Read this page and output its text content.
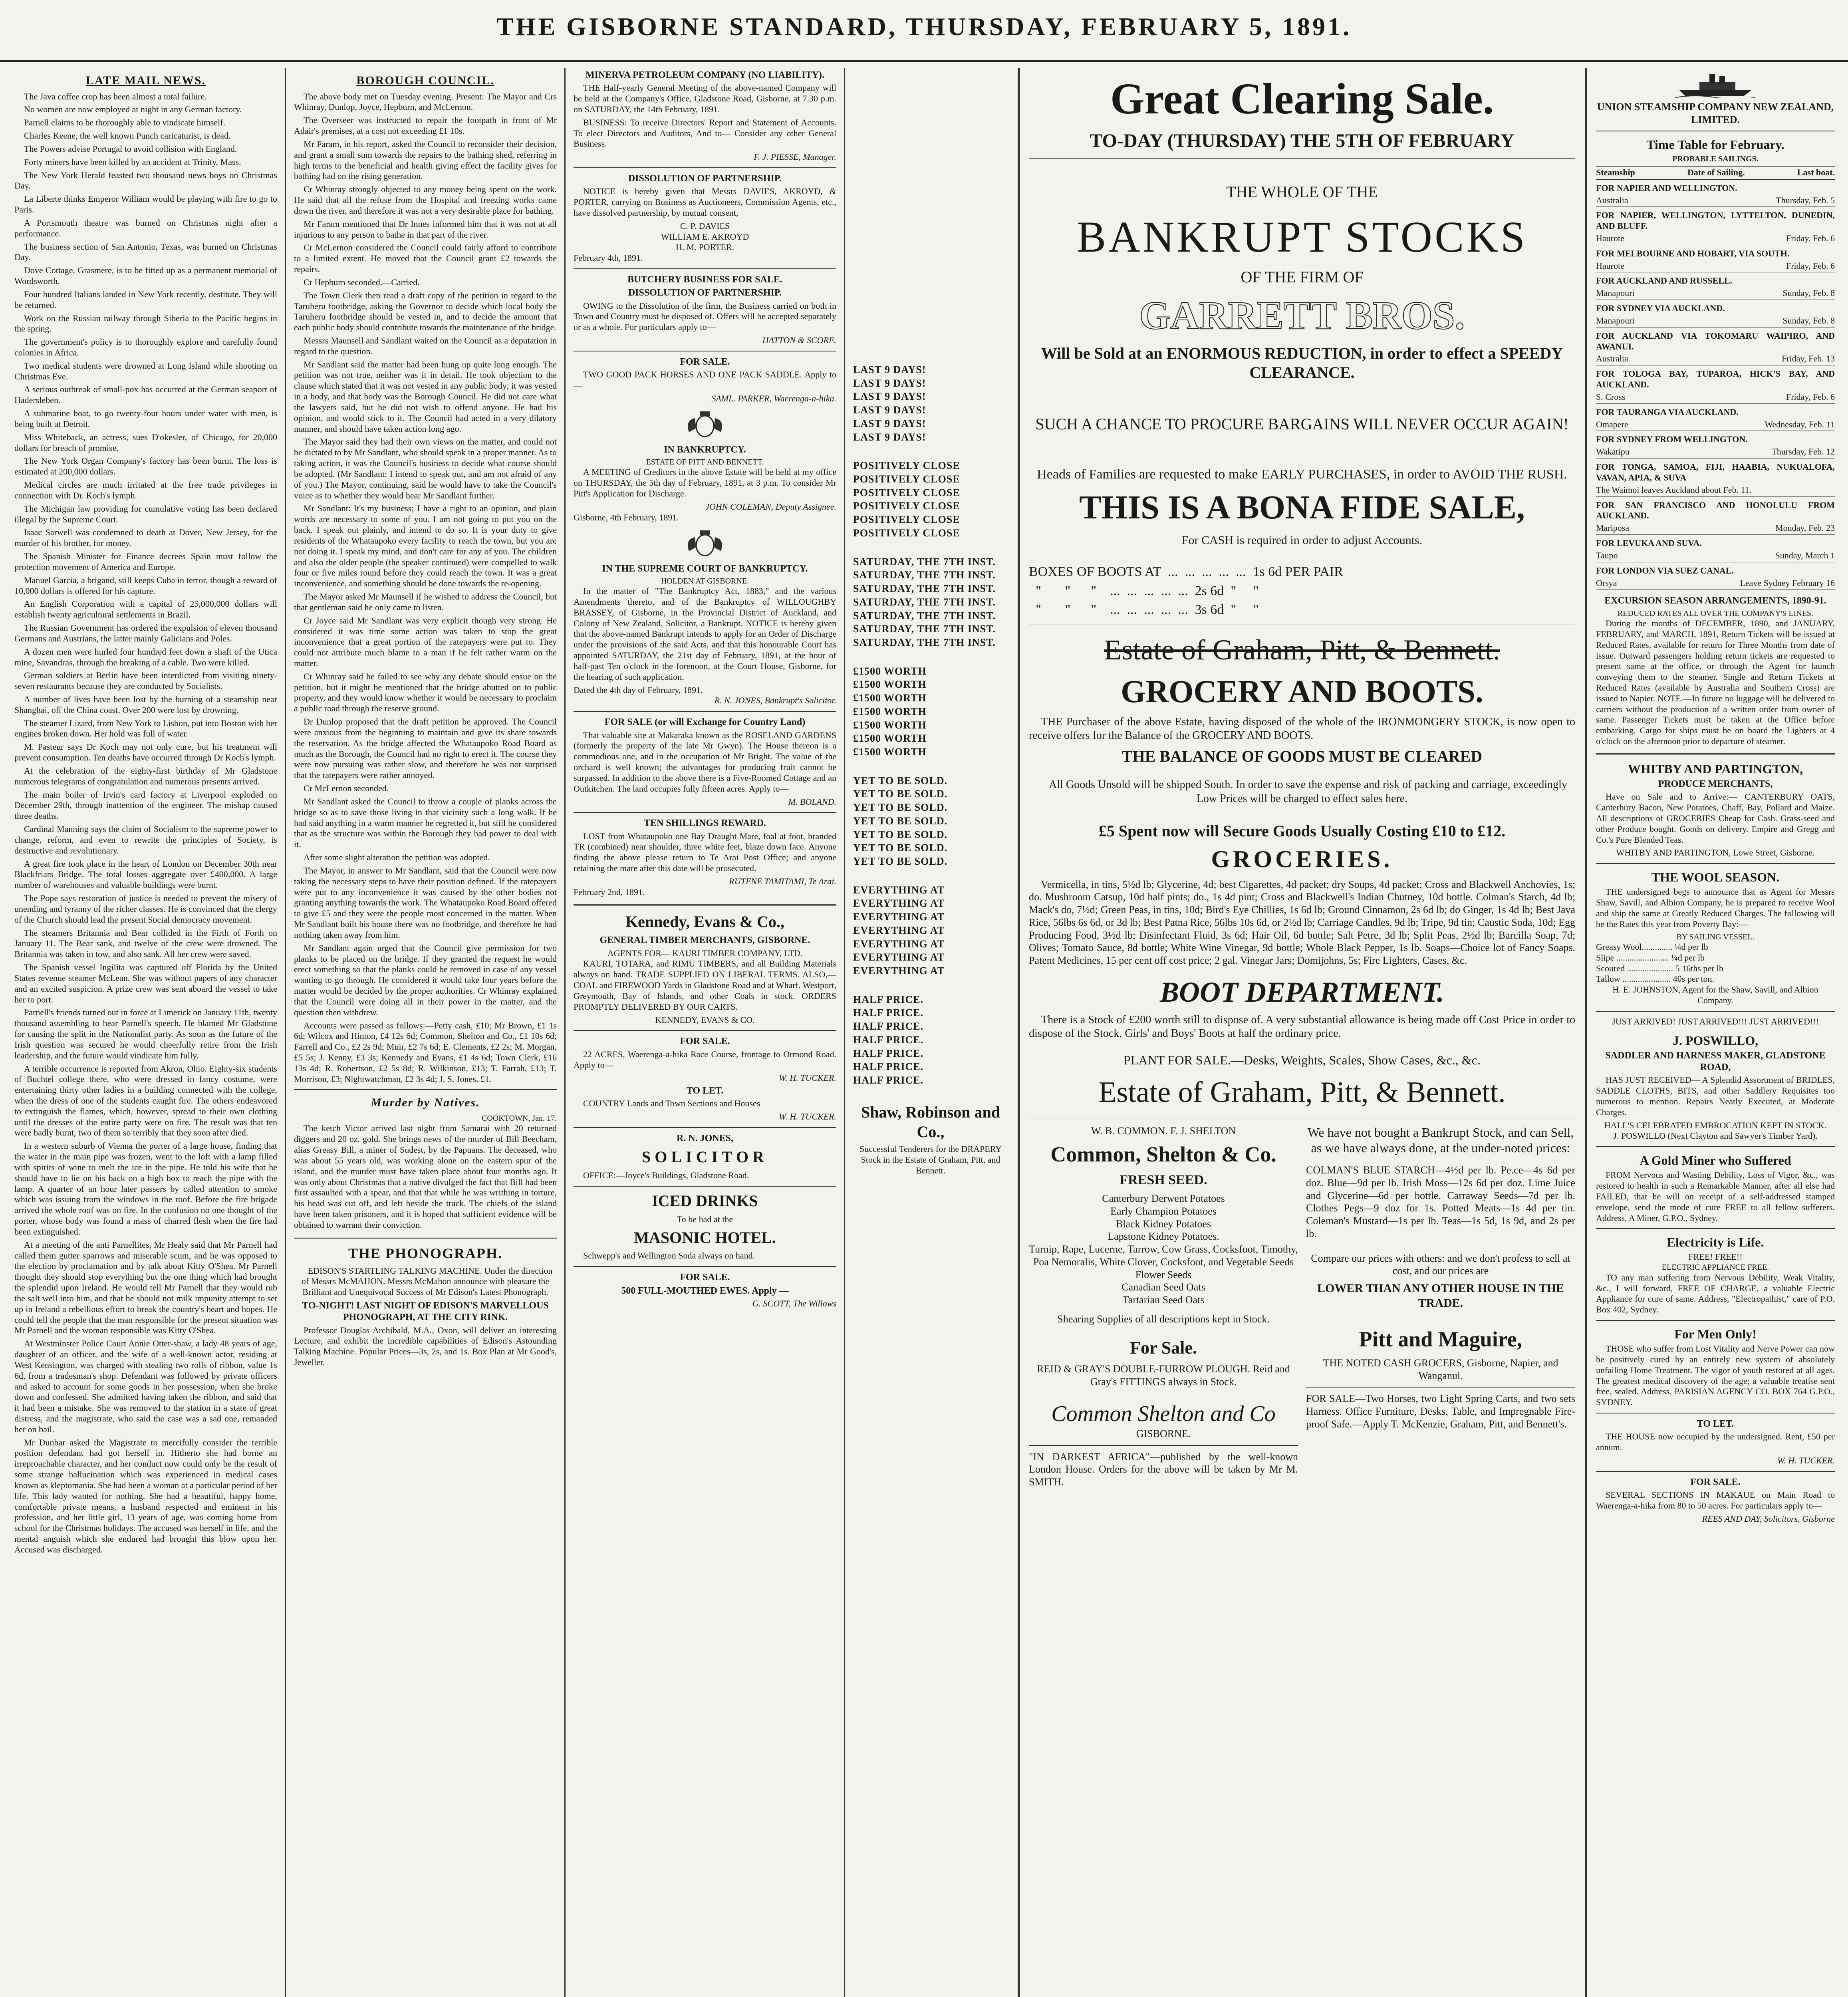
THE GISBORNE STANDARD, THURSDAY, FEBRUARY 5, 1891.
LATE MAIL NEWS.

The Java coffee crop has been almost a total failure.

No women are now employed at night in any German factory.

Parnell claims to be thoroughly able to vindicate himself.

Charles Keene, the well known Punch caricaturist, is dead.

The Powers advise Portugal to avoid collision with England.

Forty miners have been killed by an accident at Trinity, Mass.

The New York Herald feasted two thousand news boys on Christmas Day.

La Liberte thinks Emperor William would be playing with fire to go to Paris.

A Portsmouth theatre was burned on Christmas night after a performance.

The business section of San Antonio, Texas, was burned on Christmas Day.

Dove Cottage, Grasmere, is to be fitted up as a permanent memorial of Wordsworth.

Four hundred Italians landed in New York recently, destitute. They will be returned.

Work on the Russian railway through Siberia to the Pacific begins in the spring.

The government's policy is to thoroughly explore and carefully found colonies in Africa.

Two medical students were drowned at Long Island while shooting on Christmas Eve.

A serious outbreak of small-pox has occurred at the German seaport of Hadersleben.

A submarine boat, to go twenty-four hours under water with men, is being built at Detroit.

Miss Whiteback, an actress, sues D'okesler, of Chicago, for 20,000 dollars for breach of promise.

The New York Organ Company's factory has been burnt. The loss is estimated at 200,000 dollars.

Medical circles are much irritated at the free trade privileges in connection with Dr. Koch's lymph.

The Michigan law providing for cumulative voting has been declared illegal by the Supreme Court.

Isaac Sarwell was condemned to death at Dover, New Jersey, for the murder of his brother, for money.

The Spanish Minister for Finance decrees Spain must follow the protection movement of America and Europe.

Manuel Garcia, a brigand, still keeps Cuba in terror, though a reward of 10,000 dollars is offered for his capture.

An English Corporation with a capital of 25,000,000 dollars will establish twenty agricultural settlements in Brazil.

The Russian Government has ordered the expulsion of eleven thousand Germans and Austrians, the latter mainly Galicians and Poles.

A dozen men were hurled four hundred feet down a shaft of the Utica mine, Savandras, through the breaking of a cable. Two were killed.

German soldiers at Berlin have been interdicted from visiting ninety-seven restaurants because they are conducted by Socialists.

A number of lives have been lost by the burning of a steamship near Shanghai, off the China coast. Over 200 were lost by drowning.

The steamer Lizard, from New York to Lisbon, put into Boston with her engines broken down. Her hold was full of water.

M. Pasteur says Dr Koch may not only cure, but his treatment will prevent consumption. Ten deaths have occurred through Dr Koch's lymph.

At the celebration of the eighty-first birthday of Mr Gladstone numerous telegrams of congratulation and numerous presents arrived.

The main boiler of Irvin's card factory at Liverpool exploded on December 29th, through inattention of the engineer. The mishap caused three deaths.

Cardinal Manning says the claim of Socialism to the supreme power to change, reform, and even to rewrite the principles of Society, is destructive and revolutionary.

A great fire took place in the heart of London on December 30th near Blackfriars Bridge. The total losses aggregate over £400,000. A large number of warehouses and valuable buildings were burnt.

The Pope says restoration of justice is needed to prevent the misery of unending and tyranny of the richer classes. He is convinced that the clergy of the Church should lead the present Social democracy movement.

The steamers Britannia and Bear collided in the Firth of Forth on January 11. The Bear sank, and twelve of the crew were drowned. The Britannia was taken in tow, and also sank. All her crew were saved.

The Spanish vessel Ingilita was captured off Florida by the United States revenue steamer McLean. She was without papers of any character and an excited suspicion. A prize crew was sent aboard the vessel to take her to port.

Parnell's friends turned out in force at Limerick on January 11th, twenty thousand assembling to hear Parnell's speech. He blamed Mr Gladstone for causing the split in the Nationalist party. As soon as the future of the Irish question was secured he would cheerfully retire from the Irish leadership, and the future would vindicate him fully.

A terrible occurrence is reported from Akron, Ohio. Eighty-six students of Buchtel college there, who were dressed in fancy costume, were entertaining thirty other ladies in a building connected with the college, when the dress of one of the students caught fire. The others endeavored to extinguish the flames, which, however, spread to their own clothing until the dresses of the entire party were on fire. The result was that ten were badly burnt, two of them so terribly that they soon after died.

In a western suburb of Vienna the porter of a large house, finding that the water in the main pipe was frozen, went to the loft with a lamp filled with spirits of wine to melt the ice in the pipe. He told his wife that he should have to lie on his back on a high box to reach the pipe with the lamp. A quarter of an hour later passers by called attention to smoke which was issuing from the windows in the roof. Before the fire brigade arrived the whole roof was on fire. In the confusion no one thought of the porter, whose body was found a mass of charred flesh when the fire had been extinguished.

At a meeting of the anti Parnellites, Mr Healy said that Mr Parnell had called them gutter sparrows and miserable scum, and he was opposed to the election by proclamation and by talk about Kitty O'Shea. Mr Parnell thought they should stop everything but the one thing which had brought the splendid upon Ireland. He would tell Mr Parnell that they would rub the salt well into him, and that he should not milk impunity attempt to set up in Ireland a rebellious effort to break the country's heart and hopes. He could tell the people that the man responsible for the present situation was Mr Parnell and the woman responsible was Kitty O'Shea.

At Westminster Police Court Annie Otter-shaw, a lady 48 years of age, daughter of an officer, and the wife of a well-known actor, residing at West Kensington, was charged with stealing two rolls of ribbon, value 1s 6d, from a tradesman's shop. Defendant was followed by private officers and asked to account for some goods in her possession, when she broke down and confessed. She admitted having taken the ribbon, and said that it had been a mistake. She was removed to the station in a state of great distress, and the magistrate, who said the case was a sad one, remanded her on bail.

Mr Dunbar asked the Magistrate to mercifully consider the terrible position defendant had got herself in. Hitherto she had borne an irreproachable character, and her conduct now could only be the result of some strange hallucination which was experienced in medical cases known as kleptomania. She had been a woman at a particular period of her life. This lady wanted for nothing. She had a beautiful, happy home, comfortable private means, a husband respected and eminent in his profession, and her little girl, 13 years of age, was coming home from school for the Christmas holidays. The accused was herself in life, and the mental anguish which she endured had brought this blow upon her. Accused was discharged.

BOROUGH COUNCIL.

The above body met on Tuesday evening. Present: The Mayor and Crs Whinray, Dunlop, Joyce, Hepburn, and McLernon.

The Overseer was instructed to repair the footpath in front of Mr Adair's premises, at a cost not exceeding £1 10s.

Mr Faram, in his report, asked the Council to reconsider their decision, and grant a small sum towards the repairs to the bathing shed, referring in high terms to the beneficial and health giving effect the facility gives for bathing had on the rising generation.

Cr Whinray strongly objected to any money being spent on the work. He said that all the refuse from the Hospital and freezing works came down the river, and therefore it was not a very desirable place for bathing.

Mr Faram mentioned that Dr Innes informed him that it was not at all injurious to any person to bathe in that part of the river.

Cr McLernon considered the Council could fairly afford to contribute to a limited extent. He moved that the Council grant £2 towards the repairs.

Cr Hepburn seconded.—Carried.

The Town Clerk then read a draft copy of the petition in regard to the Taruheru footbridge, asking the Governor to decide which local body the Taruheru footbridge should be vested in, and to decide the amount that each public body should contribute towards the maintenance of the bridge.

Messrs Maunsell and Sandlant waited on the Council as a deputation in regard to the question.

Mr Sandlant said the matter had been hung up quite long enough. The petition was not true, neither was it in detail. He took objection to the clause which stated that it was not vested in any public body; it was vested in a body, and that body was the Borough Council. He did not care what the lawyers said, but he did not wish to offend anyone. He had his opinion, and would stick to it. The Council had acted in a very dilatory manner, and should have taken action long ago.

The Mayor said they had their own views on the matter, and could not be dictated to by Mr Sandlant, who should speak in a proper manner. As to taking action, it was the Council's business to decide what course should be adopted. (Mr Sandlant: I intend to speak out, and am not afraid of any of you.) The Mayor, continuing, said he would have to take the Council's voice as to whether they would hear Mr Sandlant further.

Mr Sandlant: It's my business; I have a right to an opinion, and plain words are necessary to some of you. I am not going to put you on the back. I speak out plainly, and intend to do so. It is your duty to give residents of the Whataupoko every facility to reach the town, but you are not doing it. I speak my mind, and don't care for any of you. The children and also the older people (the speaker continued) were compelled to walk four or five miles round before they could reach the town. It was a great inconvenience, and something should be done towards the re-opening.

The Mayor asked Mr Maunsell if he wished to address the Council, but that gentleman said he only came to listen.

Cr Joyce said Mr Sandlant was very explicit though very strong. He considered it was time some action was taken to stop the great inconvenience that a great portion of the ratepayers were put to. They could not attribute much blame to a man if he felt rather warm on the matter.

Cr Whinray said he failed to see why any debate should ensue on the petition, but it might be mentioned that the bridge abutted on to public property, and they would know whether it would be necessary to proclaim a public road through the reserve ground.

Dr Dunlop proposed that the draft petition be approved. The Council were anxious from the beginning to maintain and give its share towards the reservation. As the bridge affected the Whataupoko Road Board as much as the Borough, the Council had no right to erect it. The course they were now pursuing was rather slow, and therefore he was not surprised that the ratepayers were rather annoyed.

Cr McLernon seconded.

Mr Sandlant asked the Council to throw a couple of planks across the bridge so as to save those living in that vicinity such a long walk. If he had said anything in a warm manner he regretted it, but still he considered that as the structure was within the Borough they had power to deal with it.

After some slight alteration the petition was adopted.

The Mayor, in answer to Mr Sandlant, said that the Council were now taking the necessary steps to have their position defined. If the ratepayers were put to any inconvenience it was caused by the other bodies not granting anything towards the work. The Whataupoko Road Board offered to give £5 and they were the people most concerned in the matter. When Mr Sandlant built his house there was no footbridge, and therefore he had nothing taken away from him.

Mr Sandlant again urged that the Council give permission for two planks to be placed on the bridge. If they granted the request he would erect something so that the planks could be removed in case of any vessel wanting to go through. He considered it would take four years before the matter would be decided by the proper authorities. Cr Whinray explained that the Council were doing all in their power in the matter, and the question then withdrew.

Accounts were passed as follows:—Petty cash, £10; Mr Brown, £1 1s 6d; Wilcox and Hinton, £4 12s 6d; Common, Shelton and Co., £1 10s 6d; Farrell and Co., £2 2s 9d; Muir, £2 7s 6d; E. Clements, £2 2s; M. Morgan, £5 5s; J. Kenny, £3 3s; Kennedy and Evans, £1 4s 6d; Town Clerk, £16 13s 4d; R. Robertson, £2 5s 8d; R. Wilkinson, £13; T. Farrah, £13; T. Morrison, £3; Nightwatchman, £2 3s 4d; J. S. Jones, £1.

Murder by Natives.
COOKTOWN, Jan. 17.

The ketch Victor arrived last night from Samarai with 20 returned diggers and 20 oz. gold. She brings news of the murder of Bill Beecham, alias Greasy Bill, a miner of Sudest, by the Papuans. The deceased, who was about 55 years old, was working alone on the eastern spur of the island, and the murder must have taken place about four months ago. It was only about Christmas that a native divulged the fact that Bill had been first assaulted with a spear, and that that while he was writhing in torture, his head was cut off, and left beside the track. The chiefs of the island have been taken prisoners, and it is hoped that sufficient evidence will be obtained to warrant their conviction.

THE PHONOGRAPH.

EDISON'S STARTLING TALKING MACHINE. Under the direction of Messrs McMAHON. Messrs McMahon announce with pleasure the Brilliant and Unequivocal Success of Mr Edison's Latest Phonograph.

TO-NIGHT! LAST NIGHT OF EDISON'S MARVELLOUS PHONOGRAPH, AT THE CITY RINK.

Professor Douglas Archibald, M.A., Oxon, will deliver an interesting Lecture, and exhibit the incredible capabilities of Edison's Astounding Talking Machine. Popular Prices—3s, 2s, and 1s. Box Plan at Mr Good's, Jeweller.

MINERVA PETROLEUM COMPANY (NO LIABILITY).

THE Half-yearly General Meeting of the above-named Company will be held at the Company's Office, Gladstone Road, Gisborne, at 7.30 p.m. on SATURDAY, the 14th February, 1891.

BUSINESS: To receive Directors' Report and Statement of Accounts. To elect Directors and Auditors, And to— Consider any other General Business.

F. J. PIESSE, Manager.
DISSOLUTION OF PARTNERSHIP.

NOTICE is hereby given that Messrs DAVIES, AKROYD, & PORTER, carrying on Business as Auctioneers, Commission Agents, etc., have dissolved partnership, by mutual consent,

C. P. DAVIES
WILLIAM E. AKROYD
H. M. PORTER.
February 4th, 1891.
BUTCHERY BUSINESS FOR SALE.
DISSOLUTION OF PARTNERSHIP.

OWING to the Dissolution of the firm, the Business carried on both in Town and Country must be disposed of. Offers will be accepted separately or as a whole. For particulars apply to—

HATTON & SCORE.
FOR SALE.

TWO GOOD PACK HORSES AND ONE PACK SADDLE. Apply to—

SAML. PARKER, Waerenga-a-hika.
IN BANKRUPTCY.
ESTATE OF PITT AND BENNETT.

A MEETING of Creditors in the above Estate will be held at my office on THURSDAY, the 5th day of February, 1891, at 3 p.m. To consider Mr Pitt's Application for Discharge.

JOHN COLEMAN, Deputy Assignee.
Gisborne, 4th February, 1891.
IN THE SUPREME COURT OF BANKRUPTCY.
HOLDEN AT GISBORNE.

In the matter of "The Bankruptcy Act, 1883," and the various Amendments thereto, and of the Bankruptcy of WILLOUGHBY BRASSEY, of Gisborne, in the Provincial District of Auckland, and Colony of New Zealand, Solicitor, a Bankrupt. NOTICE is hereby given that the above-named Bankrupt intends to apply for an Order of Discharge under the provisions of the said Acts, and that this honourable Court has appointed SATURDAY, the 21st day of February, 1891, at the hour of half-past Ten o'clock in the forenoon, at the Court House, Gisborne, for the hearing of such application.

Dated the 4th day of February, 1891.
R. N. JONES, Bankrupt's Solicitor.
FOR SALE (or will Exchange for Country Land)

That valuable site at Makaraka known as the ROSELAND GARDENS (formerly the property of the late Mr Gwyn). The House thereon is a commodious one, and in the occupation of Mr Bright. The value of the orchard is well known; the advantages for producing fruit cannot be surpassed. In addition to the above there is a Five-Roomed Cottage and an Outkitchen. The land occupies fully fifteen acres. Apply to—

M. BOLAND.
TEN SHILLINGS REWARD.

LOST from Whataupoko one Bay Draught Mare, foal at foot, branded TR (combined) near shoulder, three white feet, blaze down face. Anyone finding the above please return to Te Arai Post Office; and anyone retaining the mare after this date will be prosecuted.

RUTENE TAMITAMI, Te Arai.
February 2nd, 1891.
Kennedy, Evans & Co.,
GENERAL TIMBER MERCHANTS, GISBORNE.
AGENTS FOR— KAURI TIMBER COMPANY, LTD.

KAURI, TOTARA, and RIMU TIMBERS, and all Building Materials always on hand. TRADE SUPPLIED ON LIBERAL TERMS. ALSO,— COAL and FIREWOOD Yards in Gladstone Road and at Wharf. Westport, Greymouth, Bay of Islands, and other Coals in stock. ORDERS PROMPTLY DELIVERED BY OUR CARTS.

KENNEDY, EVANS & CO.
FOR SALE.

22 ACRES, Waerenga-a-hika Race Course, frontage to Ormond Road. Apply to—

W. H. TUCKER.
TO LET.

COUNTRY Lands and Town Sections and Houses

W. H. TUCKER.
R. N. JONES,
SOLICITOR

OFFICE:—Joyce's Buildings, Gladstone Road.

ICED DRINKS
To be had at the
MASONIC HOTEL.

Schwepp's and Wellington Soda always on hand.

FOR SALE.
500 FULL-MOUTHED EWES. Apply —
G. SCOTT, The Willows
LAST 9 DAYS!
LAST 9 DAYS!
LAST 9 DAYS!
LAST 9 DAYS!
LAST 9 DAYS!
LAST 9 DAYS!
POSITIVELY CLOSE
POSITIVELY CLOSE
POSITIVELY CLOSE
POSITIVELY CLOSE
POSITIVELY CLOSE
POSITIVELY CLOSE
SATURDAY, THE 7TH INST.
SATURDAY, THE 7TH INST.
SATURDAY, THE 7TH INST.
SATURDAY, THE 7TH INST.
SATURDAY, THE 7TH INST.
SATURDAY, THE 7TH INST.
SATURDAY, THE 7TH INST.
£1500 WORTH
£1500 WORTH
£1500 WORTH
£1500 WORTH
£1500 WORTH
£1500 WORTH
£1500 WORTH
YET TO BE SOLD.
YET TO BE SOLD.
YET TO BE SOLD.
YET TO BE SOLD.
YET TO BE SOLD.
YET TO BE SOLD.
YET TO BE SOLD.
EVERYTHING AT
EVERYTHING AT
EVERYTHING AT
EVERYTHING AT
EVERYTHING AT
EVERYTHING AT
EVERYTHING AT
HALF PRICE.
HALF PRICE.
HALF PRICE.
HALF PRICE.
HALF PRICE.
HALF PRICE.
HALF PRICE.
Shaw, Robinson and Co.,
Successful Tenderers for the DRAPERY Stock in the Estate of Graham, Pitt, and Bennett.
Great Clearing Sale.
TO-DAY (THURSDAY) THE 5TH OF FEBRUARY
THE WHOLE OF THE
BANKRUPT STOCKS
OF THE FIRM OF
GARRETT BROS.
Will be Sold at an ENORMOUS REDUCTION, in order to effect a SPEEDY CLEARANCE.
SUCH A CHANCE TO PROCURE BARGAINS WILL NEVER OCCUR AGAIN!
Heads of Families are requested to make EARLY PURCHASES, in order to AVOID THE RUSH.
THIS IS A BONA FIDE SALE,
For CASH is required in order to adjust Accounts.
BOXES OF BOOTS AT  ...  ...  ...  ...  ...  1s 6d PER PAIR
"       "      "    ...  ...  ...  ...  ...  2s 6d  "     "
"       "      "    ...  ...  ...  ...  ...  3s 6d  "     "
Estate of Graham, Pitt, & Bennett.
GROCERY AND BOOTS.

THE Purchaser of the above Estate, having disposed of the whole of the IRONMONGERY STOCK, is now open to receive offers for the Balance of the GROCERY AND BOOTS.

THE BALANCE OF GOODS MUST BE CLEARED

All Goods Unsold will be shipped South. In order to save the expense and risk of packing and carriage, exceedingly Low Prices will be charged to effect sales here.

£5 Spent now will Secure Goods Usually Costing £10 to £12.
GROCERIES.

Vermicella, in tins, 5½d lb; Glycerine, 4d; best Cigarettes, 4d packet; dry Soups, 4d packet; Cross and Blackwell Anchovies, 1s; do. Mushroom Catsup, 10d half pints; do., 1s 4d pint; Cross and Blackwell's Indian Chutney, 10d bottle. Colman's Starch, 4d lb; Mack's do, 7½d; Green Peas, in tins, 10d; Bird's Eye Chillies, 1s 6d lb; Ground Cinnamon, 2s 6d lb; do Ginger, 1s 4d lb; Best Java Rice, 56lbs 6s 6d, or 3d lb; Best Patna Rice, 56lbs 10s 6d, or 2½d lb; Carriage Candles, 9d lb; Tripe, 9d tin; Caustic Soda, 10d; Egg Producing Food, 3½d lb; Disinfectant Fluid, 3s 6d; Hair Oil, 6d bottle; Salt Petre, 3d lb; Split Peas, 2½d lb; Barcilla Soap, 7d; Olives; Tomato Sauce, 8d bottle; White Wine Vinegar, 9d bottle; Whole Black Pepper, 1s lb. Soaps—Choice lot of Fancy Soaps. Patent Medicines, 15 per cent off cost price; 2 gal. Vinegar Jars; Domijohns, 5s; Fire Lighters, Cases, &c.

BOOT DEPARTMENT.

There is a Stock of £200 worth still to dispose of. A very substantial allowance is being made off Cost Price in order to dispose of the Stock. Girls' and Boys' Boots at half the ordinary price.

PLANT FOR SALE.—Desks, Weights, Scales, Show Cases, &c., &c.
Estate of Graham, Pitt, & Bennett.
W. B. COMMON. F. J. SHELTON
Common, Shelton & Co.
FRESH SEED.
Canterbury Derwent Potatoes
Early Champion Potatoes
Black Kidney Potatoes
Lapstone Kidney Potatoes.
Turnip, Rape, Lucerne, Tarrow, Cow Grass, Cocksfoot, Timothy, Poa Nemoralis, White Clover, Cocksfoot, and Vegetable Seeds
Flower Seeds
Canadian Seed Oats
Tartarian Seed Oats
Shearing Supplies of all descriptions kept in Stock.
For Sale.
REID & GRAY'S DOUBLE-FURROW PLOUGH. Reid and Gray's FITTINGS always in Stock.
Common Shelton and Co
GISBORNE.
"IN DARKEST AFRICA"—published by the well-known London House. Orders for the above will be taken by Mr M. SMITH.
We have not bought a Bankrupt Stock, and can Sell, as we have always done, at the under-noted prices:
COLMAN'S BLUE STARCH—4½d per lb. Pe.ce—4s 6d per doz. Blue—9d per lb. Irish Moss—12s 6d per doz. Lime Juice and Glycerine—6d per bottle. Carraway Seeds—7d per lb. Clothes Pegs—9 doz for 1s. Potted Meats—1s 4d per tin. Coleman's Mustard—1s per lb. Teas—1s 5d, 1s 9d, and 2s per lb.
Compare our prices with others: and we don't profess to sell at cost, and our prices are
LOWER THAN ANY OTHER HOUSE IN THE TRADE.
Pitt and Maguire,
THE NOTED CASH GROCERS, Gisborne, Napier, and Wanganui.
FOR SALE—Two Horses, two Light Spring Carts, and two sets Harness. Office Furniture, Desks, Table, and Impregnable Fire-proof Safe.—Apply T. McKenzie, Graham, Pitt, and Bennett's.
UNION STEAMSHIP COMPANY NEW ZEALAND, LIMITED.
Time Table for February.
PROBABLE SAILINGS.
Steamship	Date of Sailing.	Last boat.
FOR NAPIER AND WELLINGTON.
Australia	Thursday, Feb. 5
FOR NAPIER, WELLINGTON, LYTTELTON, DUNEDIN, AND BLUFF.
Haurote	Friday, Feb. 6
FOR MELBOURNE AND HOBART, VIA SOUTH.
Haurote	Friday, Feb. 6
FOR AUCKLAND AND RUSSELL.
Manapouri	Sunday, Feb. 8
FOR SYDNEY VIA AUCKLAND.
Manapouri	Sunday, Feb. 8
FOR AUCKLAND VIA TOKOMARU WAIPIRO, AND AWANUI.
Australia	Friday, Feb. 13
FOR TOLOGA BAY, TUPAROA, HICK'S BAY, AND AUCKLAND.
S. Cross	Friday, Feb. 6
FOR TAURANGA VIA AUCKLAND.
Omapere	Wednesday, Feb. 11
FOR SYDNEY FROM WELLINGTON.
Wakatipu	Thursday, Feb. 12
FOR TONGA, SAMOA, FIJI, HAABIA, NUKUALOFA, VAVAN, APIA, & SUVA
The Waimoi leaves Auckland about Feb. 11.
FOR SAN FRANCISCO AND HONOLULU FROM AUCKLAND.
Mariposa	Monday, Feb. 23
FOR LEVUKA AND SUVA.
Taupo	Sunday, March 1
FOR LONDON VIA SUEZ CANAL.
Orsya	Leave Sydney February 16
EXCURSION SEASON ARRANGEMENTS, 1890-91.
REDUCED RATES ALL OVER THE COMPANY'S LINES.

During the months of DECEMBER, 1890, and JANUARY, FEBRUARY, and MARCH, 1891, Return Tickets will be issued at Reduced Rates, available for return for Three Months from date of issue. Outward passengers holding return tickets are requested to present same at the office, or through the Agent for launch conveying them to the steamer. Single and Return Tickets at Reduced Rates (available by Australia and Southern Cross) are issued to Napier. NOTE.—In future no luggage will be delivered to carriers without the production of a written order from owner of same. Passenger Tickets must be taken at the Office before embarking. Cargo for ships must be on board the Lighters at 4 o'clock on the afternoon prior to departure of steamer.

WHITBY AND PARTINGTON,
PRODUCE MERCHANTS,

Have on Sale and to Arrive:— CANTERBURY OATS, Canterbury Bacon, New Potatoes, Chaff, Bay, Pollard and Maize. All descriptions of GROCERIES Cheap for Cash. Grass-seed and other Produce bought. Goods on delivery. Empire and Gregg and Co.'s Pure Blended Teas.

WHITBY AND PARTINGTON, Lowe Street, Gisborne.
THE WOOL SEASON.

THE undersigned begs to announce that as Agent for Messrs Shaw, Savill, and Albion Company, he is prepared to receive Wool and ship the same at Greatly Reduced Charges. The following will be the Rates this year from Poverty Bay:—

BY SAILING VESSEL.
Greasy Wool.............. ¼d per lb
Slipe ........................ ¼d per lb
Scoured ..................... 5 16ths per lb
Tallow ...................... 40s per ton.
H. E. JOHNSTON, Agent for the Shaw, Savill, and Albion Company.
JUST ARRIVED! JUST ARRIVED!!! JUST ARRIVED!!!
J. POSWILLO,
SADDLER AND HARNESS MAKER, GLADSTONE ROAD,

HAS JUST RECEIVED— A Splendid Assortment of BRIDLES, SADDLE CLOTHS, BITS, and other Saddlery Requisites too numerous to mention. Repairs Neatly Executed, at Moderate Charges.

HALL'S CELEBRATED EMBROCATION KEPT IN STOCK.
J. POSWILLO (Next Clayton and Sawyer's Timber Yard).
A Gold Miner who Suffered

FROM Nervous and Wasting Debility, Loss of Vigor, &c., was restored to health in such a Remarkable Manner, after all else had FAILED, that he will on receipt of a self-addressed stamped envelope, send the mode of cure FREE to all fellow sufferers. Address, A Miner, G.P.O., Sydney.

Electricity is Life.
FREE! FREE!!
ELECTRIC APPLIANCE FREE.

TO any man suffering from Nervous Debility, Weak Vitality, &c., I will forward, FREE OF CHARGE, a valuable Electric Appliance for cure of same. Address, "Electropathist," care of P.O. Box 402, Sydney.

For Men Only!

THOSE who suffer from Lost Vitality and Nerve Power can now be positively cured by an entirely new system of absolutely unfailing Home Treatment. The vigor of youth restored at all ages. The greatest medical discovery of the age; a valuable treatise sent free, sealed. Address, PARISIAN AGENCY CO. BOX 764 G.P.O., SYDNEY.

TO LET.

THE HOUSE now occupied by the undersigned. Rent, £50 per annum.

W. H. TUCKER.
FOR SALE.

SEVERAL SECTIONS IN MAKAUE on Main Road to Waerenga-a-hika from 80 to 50 acres. For particulars apply to—

REES AND DAY, Solicitors, Gisborne
